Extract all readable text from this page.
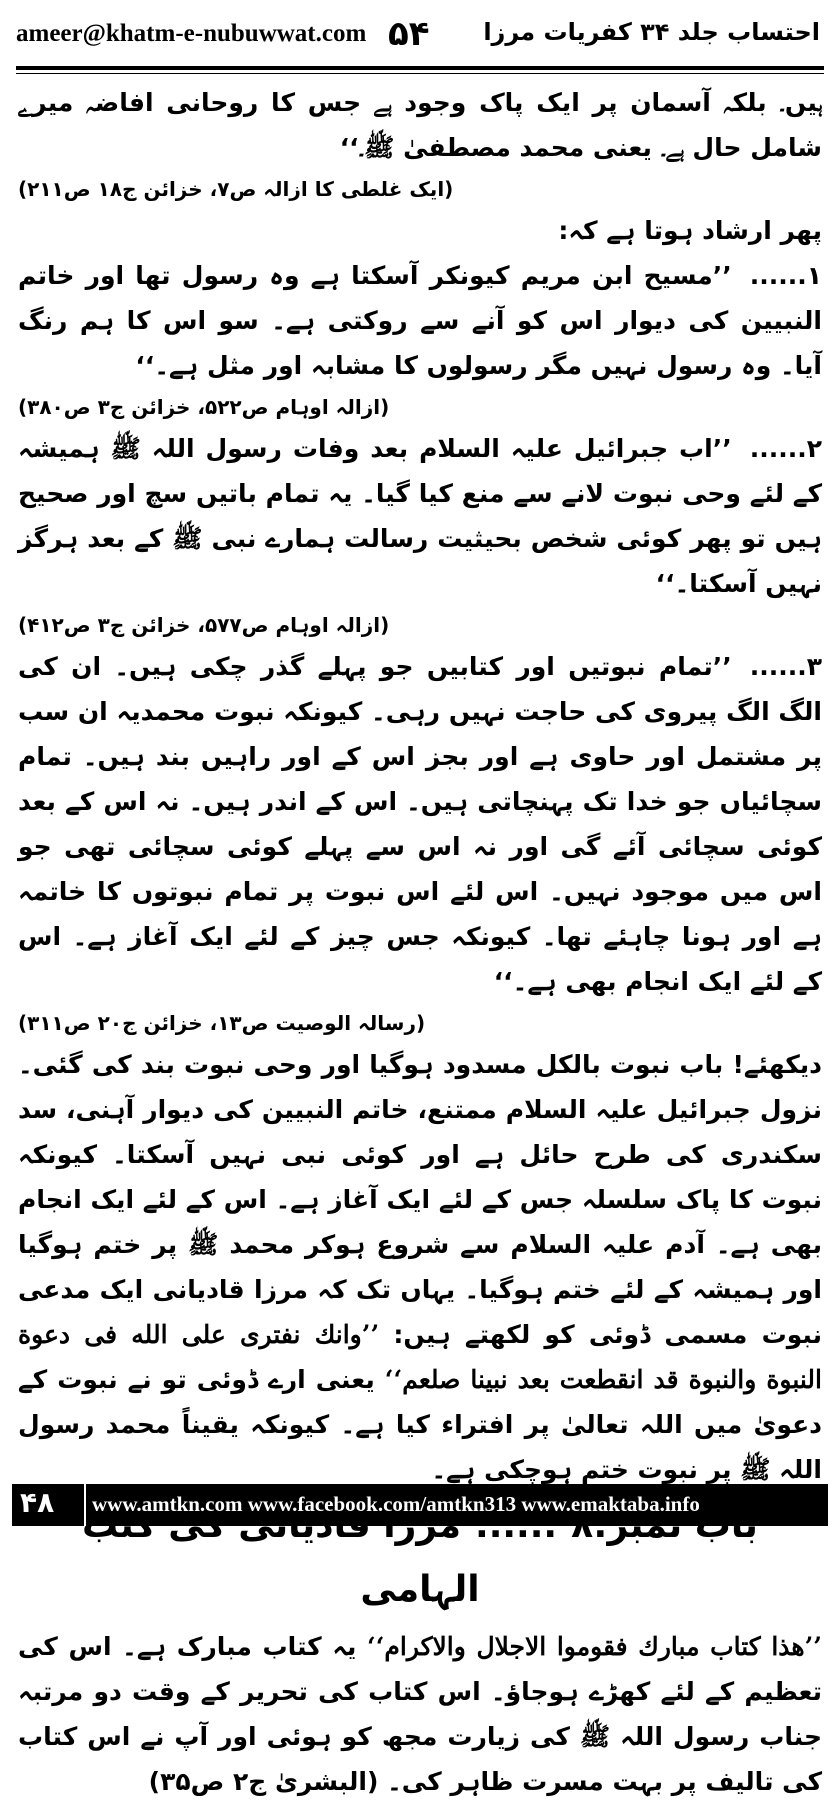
ameer@khatm-e-nubuwwat.com ۵۴ احتساب جلد ۳۴ ‌کفریات مرزا

ہیں۔ بلکہ آسمان پر ایک پاک وجود ہے جس کا روحانی افاضہ میرے شامل حال ہے۔ یعنی محمد مصطفیٰ ﷺ۔‘‘

(ایک غلطی کا ازالہ ص۷، خزائن ج۱۸ ص۲۱۱)

پھر ارشاد ہوتا ہے کہ:

۱......’’مسیح ابن مریم کیونکر آسکتا ہے وہ رسول تھا اور خاتم النبیین کی دیوار اس کو آنے سے روکتی ہے۔ سو اس کا ہم رنگ آیا۔ وہ رسول نہیں مگر رسولوں کا مشابہ اور مثل ہے۔‘‘

(ازالہ اوہام ص۵۲۲، خزائن ج۳ ص۳۸۰)

۲......’’اب جبرائیل علیہ السلام بعد وفات رسول اللہ ﷺ ہمیشہ کے لئے وحی نبوت لانے سے منع کیا گیا۔ یہ تمام باتیں سچ اور صحیح ہیں تو پھر کوئی شخص بحیثیت رسالت ہمارے نبی ﷺ کے بعد ہرگز نہیں آسکتا۔‘‘

(ازالہ اوہام ص۵۷۷، خزائن ج۳ ص۴۱۲)

۳......’’تمام نبوتیں اور کتابیں جو پہلے گذر چکی ہیں۔ ان کی الگ الگ پیروی کی حاجت نہیں رہی۔ کیونکہ نبوت محمدیہ ان سب پر مشتمل اور حاوی ہے اور بجز اس کے اور راہیں بند ہیں۔ تمام سچائیاں جو خدا تک پہنچاتی ہیں۔ اس کے اندر ہیں۔ نہ اس کے بعد کوئی سچائی آئے گی اور نہ اس سے پہلے کوئی سچائی تھی جو اس میں موجود نہیں۔ اس لئے اس نبوت پر تمام نبوتوں کا خاتمہ ہے اور ہونا چاہئے تھا۔ کیونکہ جس چیز کے لئے ایک آغاز ہے۔ اس کے لئے ایک انجام بھی ہے۔‘‘

(رسالہ الوصیت ص۱۳، خزائن ج۲۰ ص۳۱۱)

دیکھئے! باب نبوت بالکل مسدود ہوگیا اور وحی نبوت بند کی گئی۔ نزول جبرائیل علیہ السلام ممتنع، خاتم النبیین کی دیوار آہنی، سد سکندری کی طرح حائل ہے اور کوئی نبی نہیں آسکتا۔ کیونکہ نبوت کا پاک سلسلہ جس کے لئے ایک آغاز ہے۔ اس کے لئے ایک انجام بھی ہے۔ آدم علیہ السلام سے شروع ہوکر محمد ﷺ پر ختم ہوگیا اور ہمیشہ کے لئے ختم ہوگیا۔ یہاں تک کہ مرزا قادیانی ایک مدعی نبوت مسمی ڈوئی کو لکھتے ہیں: ’’وانك نفترى على الله فى دعوة النبوة والنبوة قد انقطعت بعد نبينا صلعم‘‘ یعنی ارے ڈوئی تو نے نبوت کے دعویٰ میں اللہ تعالیٰ پر افتراء کیا ہے۔ کیونکہ یقیناً محمد رسول اللہ ﷺ پر نبوت ختم ہوچکی ہے۔

الہامی

’’هذا كتاب مبارك فقوموا الاجلال والاكرام‘‘ یہ کتاب مبارک ہے۔ اس کی تعظیم کے لئے کھڑے ہوجاؤ۔ اس کتاب کی تحریر کے وقت دو مرتبہ جناب رسول اللہ ﷺ کی زیارت مجھ کو ہوئی اور آپ نے اس کتاب کی تالیف پر بہت مسرت ظاہر کی۔ (البشریٰ ج۲ ص۳۵)

۴۸ www.amtkn.com www.facebook.com/amtkn313 www.emaktaba.info
